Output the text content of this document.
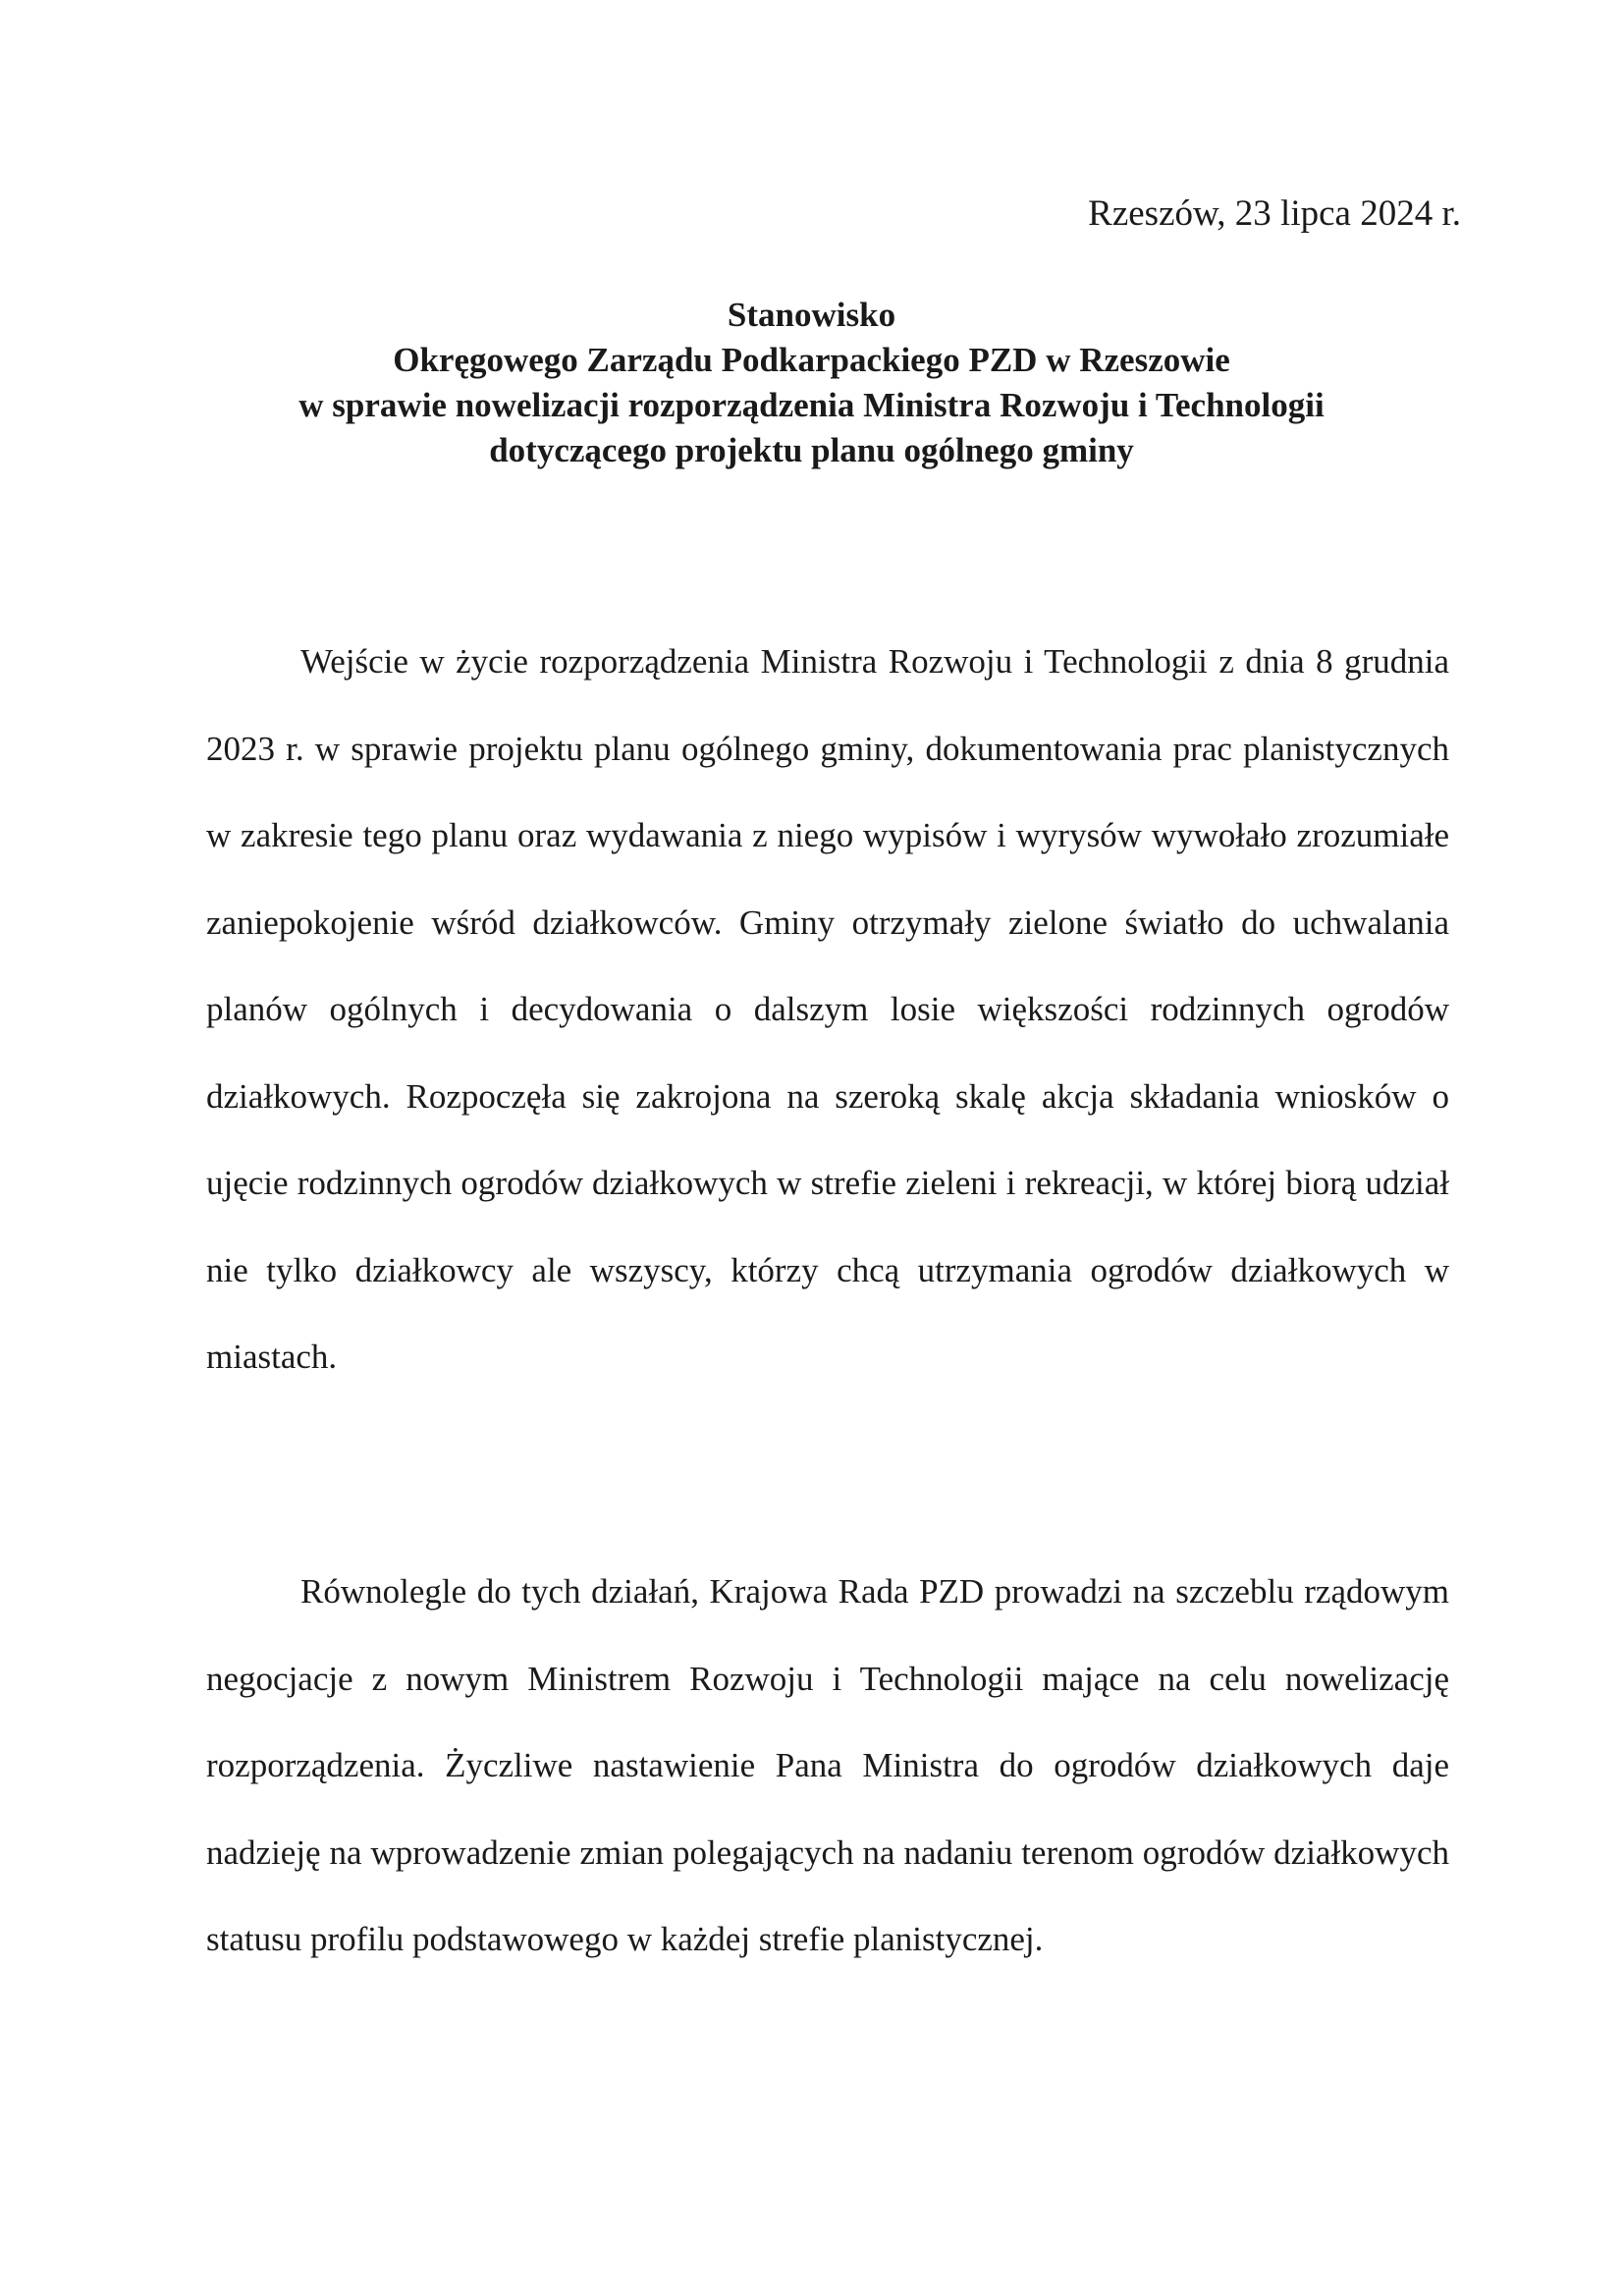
Rzeszów, 23 lipca 2024 r.
Stanowisko
Okręgowego Zarządu Podkarpackiego PZD w Rzeszowie
w sprawie nowelizacji rozporządzenia Ministra Rozwoju i Technologii
dotyczącego projektu planu ogólnego gminy

Wejście w życie rozporządzenia Ministra Rozwoju i Technologii z dnia 8 grudnia 2023 r. w sprawie projektu planu ogólnego gminy, dokumentowania prac planistycznych w zakresie tego planu oraz wydawania z niego wypisów i wyrysów wywołało zrozumiałe zaniepokojenie wśród działkowców. Gminy otrzymały zielone światło do uchwalania planów ogólnych i decydowania o dalszym losie większości rodzinnych ogrodów działkowych. Rozpoczęła się zakrojona na szeroką skalę akcja składania wniosków o ujęcie rodzinnych ogrodów działkowych w strefie zieleni i rekreacji, w której biorą udział nie tylko działkowcy ale wszyscy, którzy chcą utrzymania ogrodów działkowych w miastach.

Równolegle do tych działań, Krajowa Rada PZD prowadzi na szczeblu rządowym negocjacje z nowym Ministrem Rozwoju i Technologii mające na celu nowelizację rozporządzenia. Życzliwe nastawienie Pana Ministra do ogrodów działkowych daje nadzieję na wprowadzenie zmian polegających na nadaniu terenom ogrodów działkowych statusu profilu podstawowego w każdej strefie planistycznej.
